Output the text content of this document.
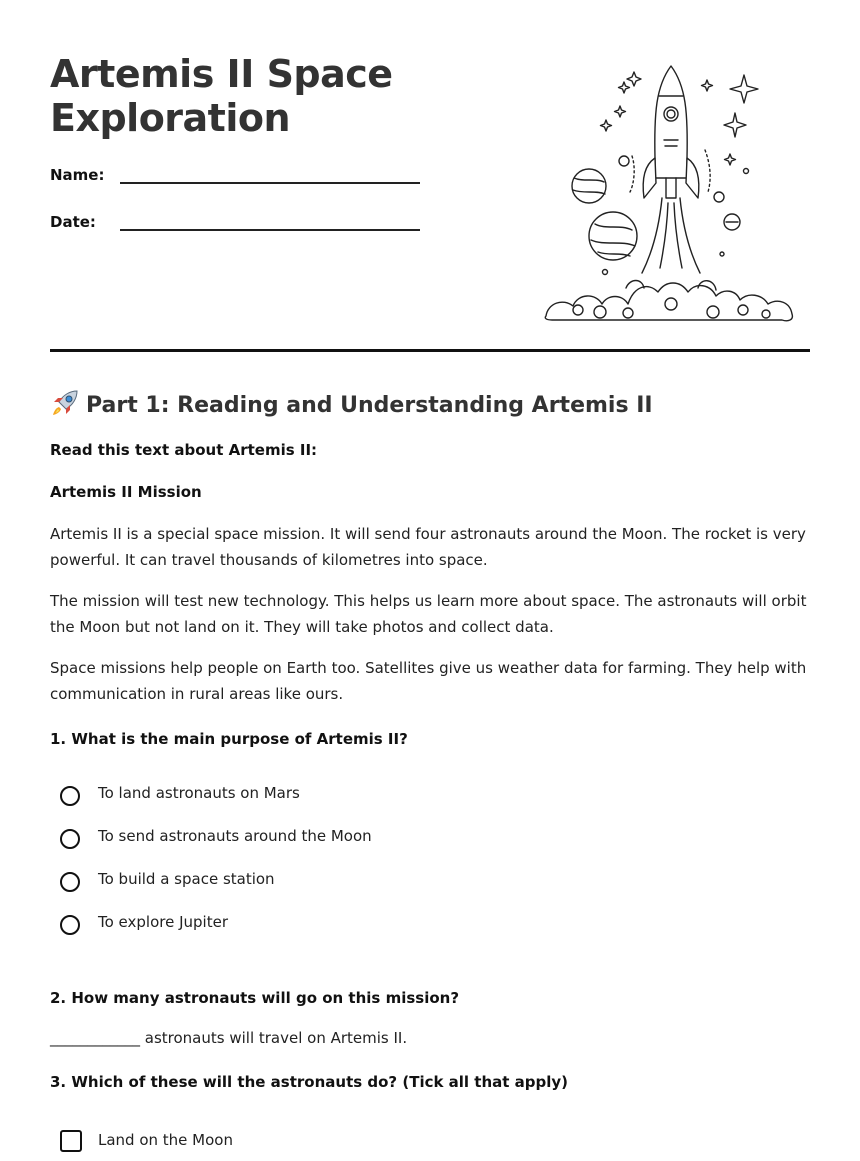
Artemis II Space
Exploration
Name:
Date:
Part 1: Reading and Understanding Artemis II

Read this text about Artemis II:

Artemis II Mission

Artemis II is a special space mission. It will send four astronauts around the Moon. The rocket is very powerful. It can travel thousands of kilometres into space.

The mission will test new technology. This helps us learn more about space. The astronauts will orbit the Moon but not land on it. They will take photos and collect data.

Space missions help people on Earth too. Satellites give us weather data for farming. They help with communication in rural areas like ours.

1. What is the main purpose of Artemis II?

To land astronauts on Mars
To send astronauts around the Moon
To build a space station
To explore Jupiter

2. How many astronauts will go on this mission?

____________ astronauts will travel on Artemis II.

3. Which of these will the astronauts do? (Tick all that apply)

Land on the Moon
